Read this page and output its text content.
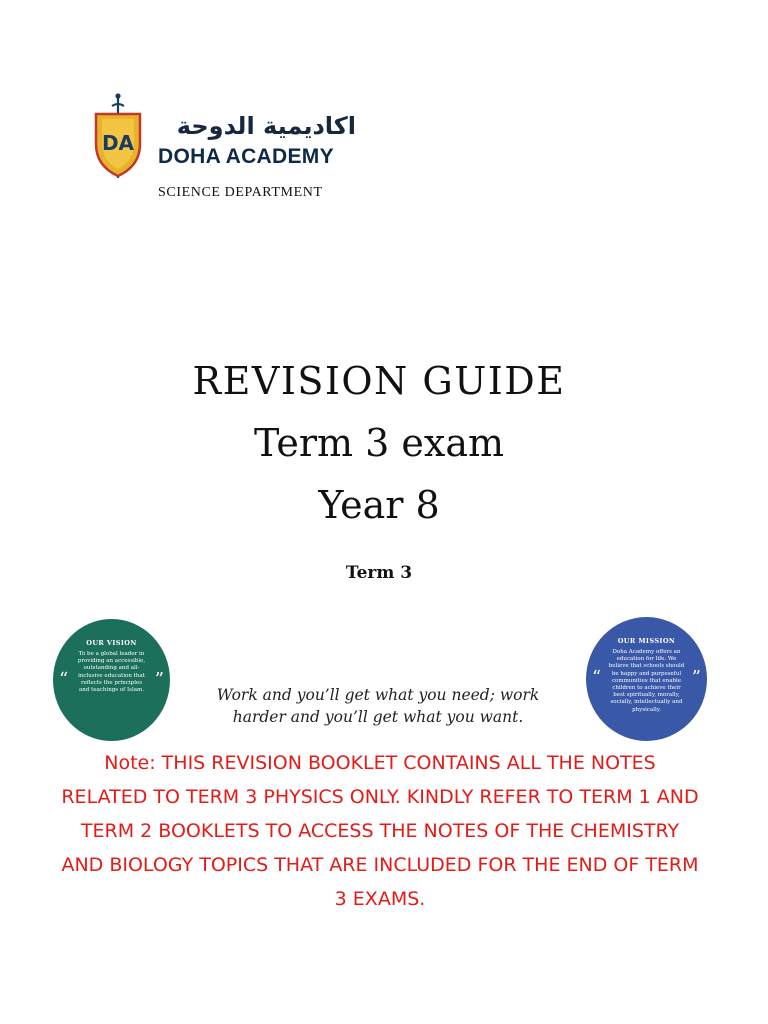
DA
اكاديمية الدوحة
DOHA ACADEMY
SCIENCE DEPARTMENT
REVISION GUIDE
Term 3 exam
Year 8
Term 3
OUR VISION
To be a global leader in providing an accessible, outstanding and all-inclusive education that reflects the principles and teachings of Islam.
“	”
Work and you’ll get what you need; work harder and you’ll get what you want.
OUR MISSION
Doha Academy offers an education for life. We believe that schools should be happy and purposeful communities that enable children to achieve their best spiritually, morally, socially, intellectually and physically.
“	”
Note: THIS REVISION BOOKLET CONTAINS ALL THE NOTES RELATED TO TERM 3 PHYSICS ONLY. KINDLY REFER TO TERM 1 AND TERM 2 BOOKLETS TO ACCESS THE NOTES OF THE CHEMISTRY AND BIOLOGY TOPICS THAT ARE INCLUDED FOR THE END OF TERM 3 EXAMS.
